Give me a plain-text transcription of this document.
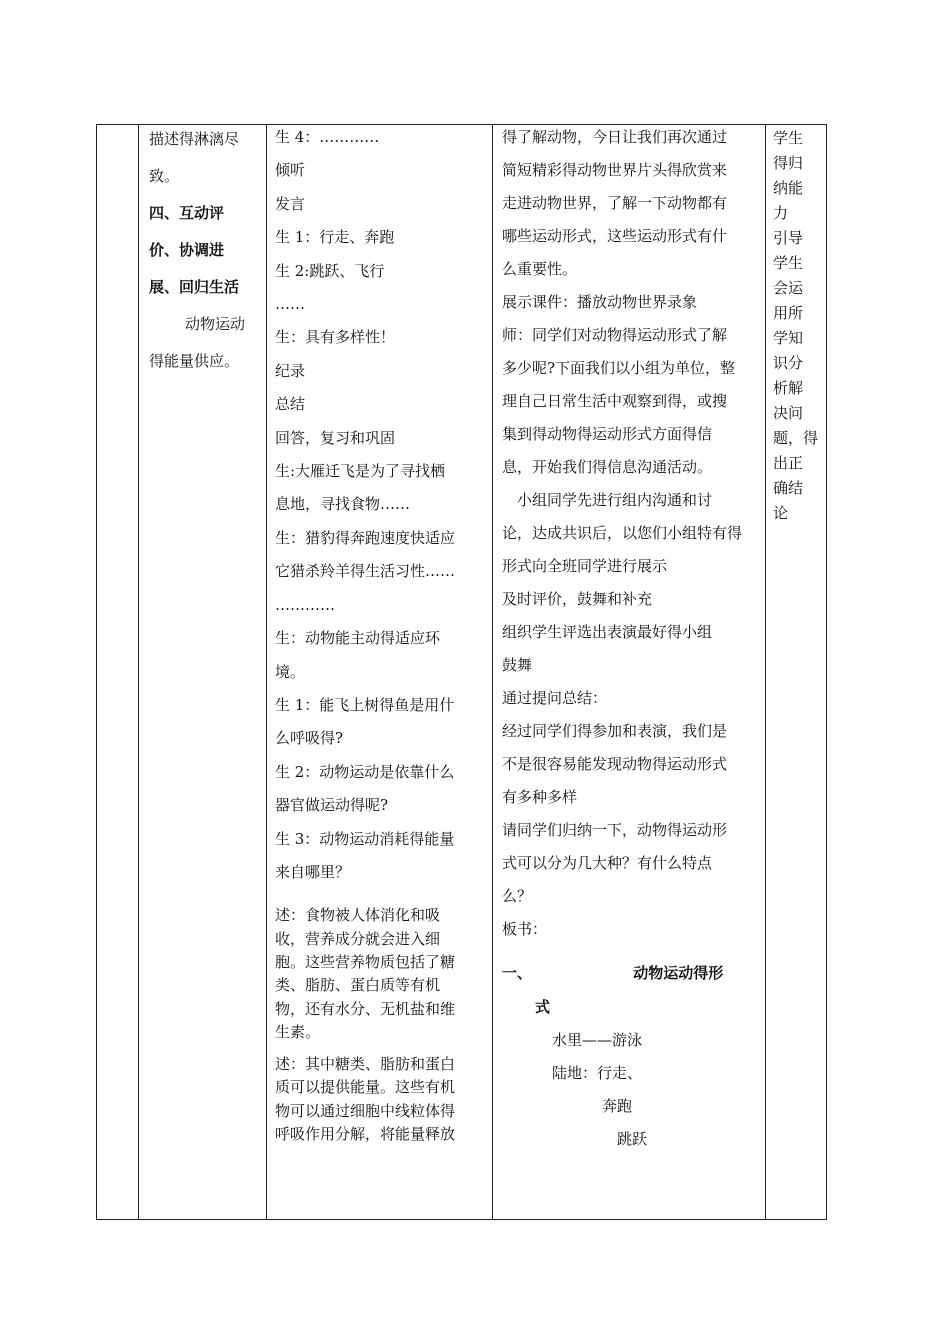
描述得淋漓尽

致。

四、互动评

价、协调进

展、回归生活

动物运动

得能量供应。

生 4：…………

倾听

发言

生 1：行走、奔跑

生 2:跳跃、飞行

……

生：具有多样性！

纪录

总结

回答，复习和巩固

生:大雁迁飞是为了寻找栖

息地，寻找食物……

生：猎豹得奔跑速度快适应

它猎杀羚羊得生活习性……

…………

生：动物能主动得适应环

境。

生 1：能飞上树得鱼是用什

么呼吸得?

生 2：动物运动是依靠什么

器官做运动得呢?

生 3：动物运动消耗得能量

来自哪里？

述：食物被人体消化和吸

收，营养成分就会进入细

胞。这些营养物质包括了糖

类、脂肪、蛋白质等有机

物，还有水分、无机盐和维

生素。

述：其中糖类、脂肪和蛋白

质可以提供能量。这些有机

物可以通过细胞中线粒体得

呼吸作用分解，将能量释放

得了解动物，今日让我们再次通过

简短精彩得动物世界片头得欣赏来

走进动物世界，了解一下动物都有

哪些运动形式，这些运动形式有什

么重要性。

展示课件：播放动物世界录象

师：同学们对动物得运动形式了解

多少呢?下面我们以小组为单位，整

理自己日常生活中观察到得，或搜

集到得动物得运动形式方面得信

息，开始我们得信息沟通活动。

　小组同学先进行组内沟通和讨

论，达成共识后，以您们小组特有得

形式向全班同学进行展示

及时评价，鼓舞和补充

组织学生评选出表演最好得小组

鼓舞

通过提问总结：

经过同学们得参加和表演，我们是

不是很容易能发现动物得运动形式

有多种多样

请同学们归纳一下，动物得运动形

式可以分为几大种？有什么特点

么？

板书：

一、	动物运动得形

式

水里——游泳

陆地：行走、

奔跑

跳跃

学生

得归

纳能

力

引导

学生

会运

用所

学知

识分

析解

决问

题，得

出正

确结

论
